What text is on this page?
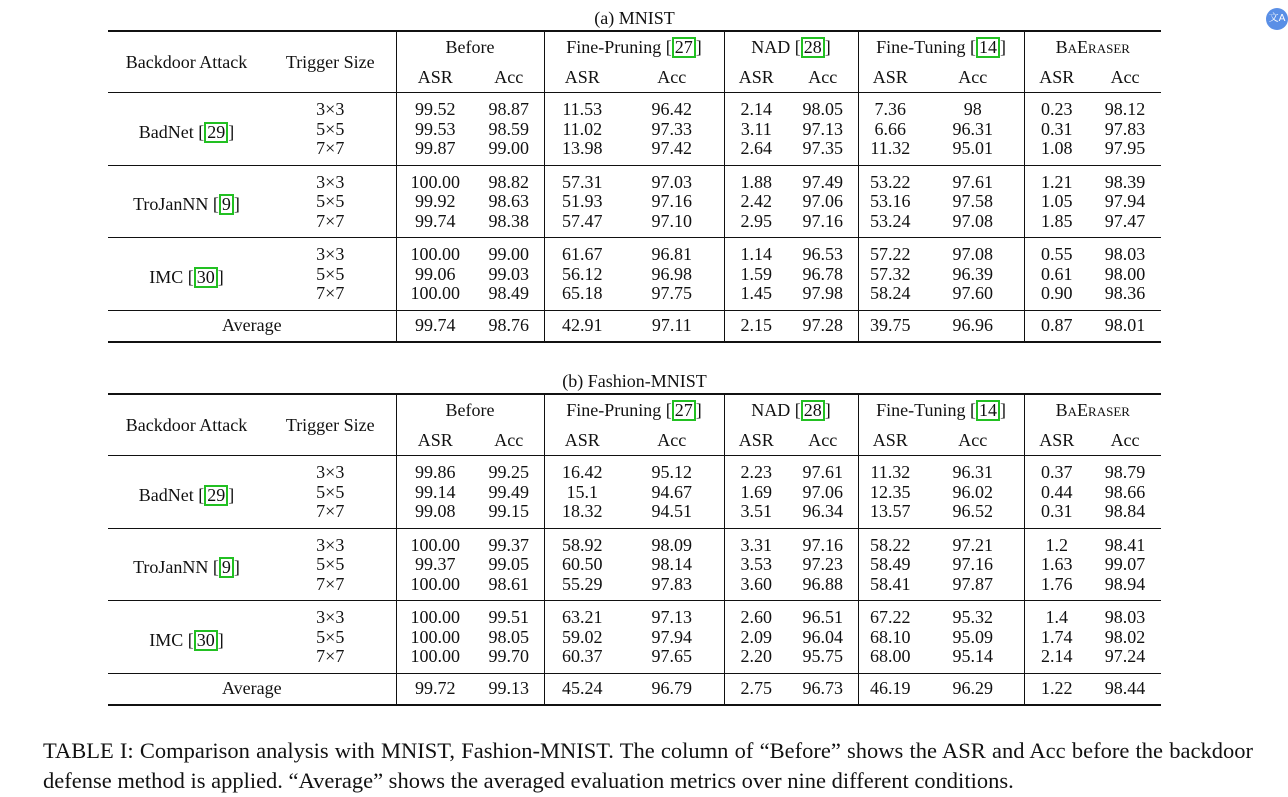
(a) MNIST
Backdoor Attack	Trigger Size	Before		Fine-Pruning [ 27 ]		NAD [ 28 ]		Fine-Tuning [ 14 ]		BaEraser	
		ASR	Acc	ASR	Acc	ASR	Acc	ASR	Acc	ASR	Acc
BadNet [ 29 ]	3×3	99.52	98.87	11.53	96.42	2.14	98.05	7.36	98	0.23	98.12
	5×5	99.53	98.59	11.02	97.33	3.11	97.13	6.66	96.31	0.31	97.83
	7×7	99.87	99.00	13.98	97.42	2.64	97.35	11.32	95.01	1.08	97.95
TroJanNN [ 9 ]	3×3	100.00	98.82	57.31	97.03	1.88	97.49	53.22	97.61	1.21	98.39
	5×5	99.92	98.63	51.93	97.16	2.42	97.06	53.16	97.58	1.05	97.94
	7×7	99.74	98.38	57.47	97.10	2.95	97.16	53.24	97.08	1.85	97.47
IMC [ 30 ]	3×3	100.00	99.00	61.67	96.81	1.14	96.53	57.22	97.08	0.55	98.03
	5×5	99.06	99.03	56.12	96.98	1.59	96.78	57.32	96.39	0.61	98.00
	7×7	100.00	98.49	65.18	97.75	1.45	97.98	58.24	97.60	0.90	98.36
Average		99.74	98.76	42.91	97.11	2.15	97.28	39.75	96.96	0.87	98.01
(b) Fashion-MNIST
Backdoor Attack	Trigger Size	Before		Fine-Pruning [ 27 ]		NAD [ 28 ]		Fine-Tuning [ 14 ]		BaEraser	
		ASR	Acc	ASR	Acc	ASR	Acc	ASR	Acc	ASR	Acc
BadNet [ 29 ]	3×3	99.86	99.25	16.42	95.12	2.23	97.61	11.32	96.31	0.37	98.79
	5×5	99.14	99.49	15.1	94.67	1.69	97.06	12.35	96.02	0.44	98.66
	7×7	99.08	99.15	18.32	94.51	3.51	96.34	13.57	96.52	0.31	98.84
TroJanNN [ 9 ]	3×3	100.00	99.37	58.92	98.09	3.31	97.16	58.22	97.21	1.2	98.41
	5×5	99.37	99.05	60.50	98.14	3.53	97.23	58.49	97.16	1.63	99.07
	7×7	100.00	98.61	55.29	97.83	3.60	96.88	58.41	97.87	1.76	98.94
IMC [ 30 ]	3×3	100.00	99.51	63.21	97.13	2.60	96.51	67.22	95.32	1.4	98.03
	5×5	100.00	98.05	59.02	97.94	2.09	96.04	68.10	95.09	1.74	98.02
	7×7	100.00	99.70	60.37	97.65	2.20	95.75	68.00	95.14	2.14	97.24
Average		99.72	99.13	45.24	96.79	2.75	96.73	46.19	96.29	1.22	98.44
TABLE I: Comparison analysis with MNIST, Fashion-MNIST. The column of “Before” shows the ASR and Acc before the backdoor defense method is applied. “Average” shows the averaged evaluation metrics over nine different conditions.
文A
